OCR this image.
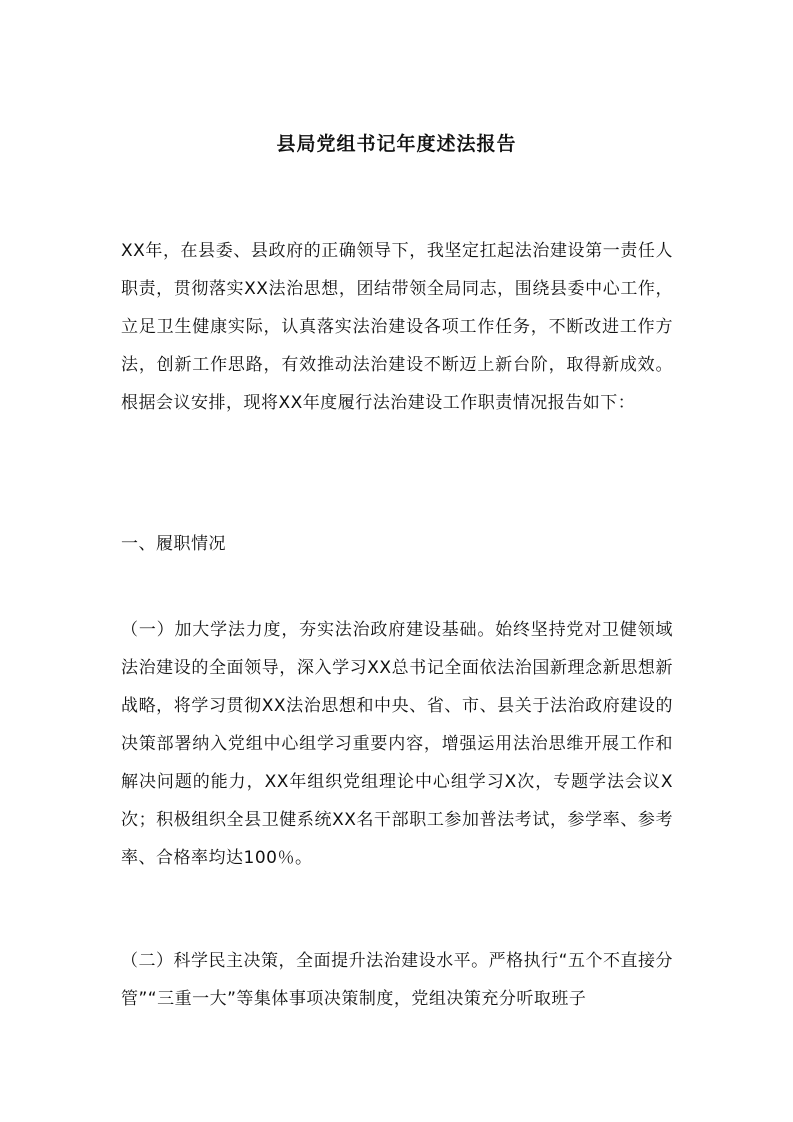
县局党组书记年度述法报告

XX年，在县委、县政府的正确领导下，我坚定扛起法治建设第一责任人职责，贯彻落实XX法治思想，团结带领全局同志，围绕县委中心工作，立足卫生健康实际，认真落实法治建设各项工作任务，不断改进工作方法，创新工作思路，有效推动法治建设不断迈上新台阶，取得新成效。根据会议安排，现将XX年度履行法治建设工作职责情况报告如下：

一、履职情况

（一）加大学法力度，夯实法治政府建设基础。始终坚持党对卫健领域法治建设的全面领导，深入学习XX总书记全面依法治国新理念新思想新战略，将学习贯彻XX法治思想和中央、省、市、县关于法治政府建设的决策部署纳入党组中心组学习重要内容，增强运用法治思维开展工作和解决问题的能力，XX年组织党组理论中心组学习X次，专题学法会议X次；积极组织全县卫健系统XX名干部职工参加普法考试，参学率、参考率、合格率均达100％。

（二）科学民主决策，全面提升法治建设水平。严格执行“五个不直接分管”“三重一大”等集体事项决策制度，党组决策充分听取班子
